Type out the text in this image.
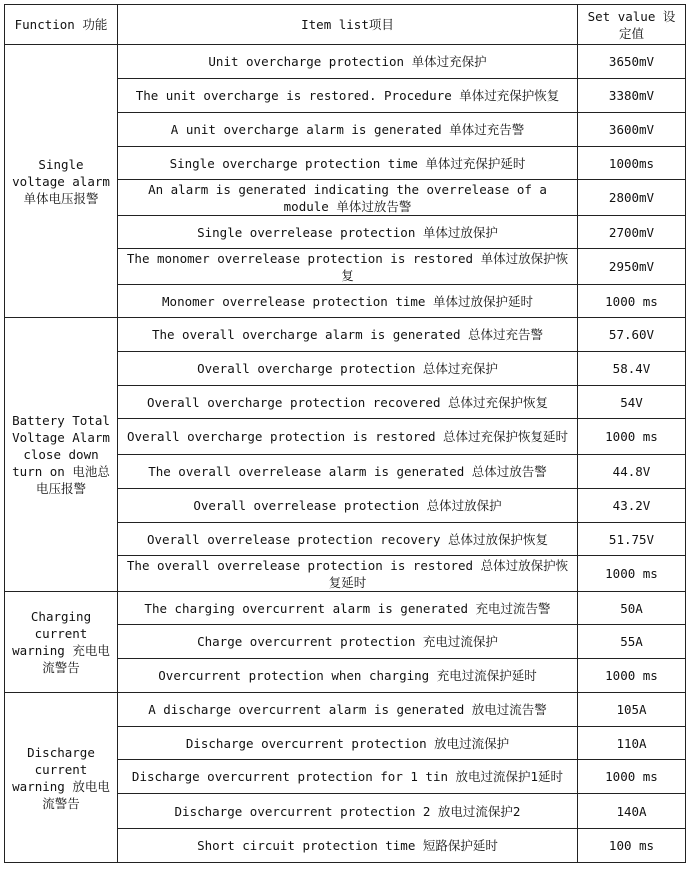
Function 功能	Item list项目	Set value 设定值
Single voltage alarm 单体电压报警	Unit overcharge protection 单体过充保护	3650mV
	The unit overcharge is restored. Procedure 单体过充保护恢复	3380mV
	A unit overcharge alarm is generated 单体过充告警	3600mV
	Single overcharge protection time 单体过充保护延时	1000ms
	An alarm is generated indicating the overrelease of a module 单体过放告警	2800mV
	Single overrelease protection 单体过放保护	2700mV
	The monomer overrelease protection is restored 单体过放保护恢复	2950mV
	Monomer overrelease protection time 单体过放保护延时	1000 ms
Battery Total Voltage Alarm close down turn on 电池总电压报警	The overall overcharge alarm is generated 总体过充告警	57.60V
	Overall overcharge protection 总体过充保护	58.4V
	Overall overcharge protection recovered 总体过充保护恢复	54V
	Overall overcharge protection is restored 总体过充保护恢复延时	1000 ms
	The overall overrelease alarm is generated 总体过放告警	44.8V
	Overall overrelease protection 总体过放保护	43.2V
	Overall overrelease protection recovery 总体过放保护恢复	51.75V
	The overall overrelease protection is restored 总体过放保护恢复延时	1000 ms
Charging current warning 充电电流警告	The charging overcurrent alarm is generated 充电过流告警	50A
	Charge overcurrent protection 充电过流保护	55A
	Overcurrent protection when charging 充电过流保护延时	1000 ms
Discharge current warning 放电电流警告	A discharge overcurrent alarm is generated 放电过流告警	105A
	Discharge overcurrent protection 放电过流保护	110A
	Discharge overcurrent protection for 1 tin 放电过流保护1延时	1000 ms
	Discharge overcurrent protection 2 放电过流保护2	140A
	Short circuit protection time 短路保护延时	100 ms
